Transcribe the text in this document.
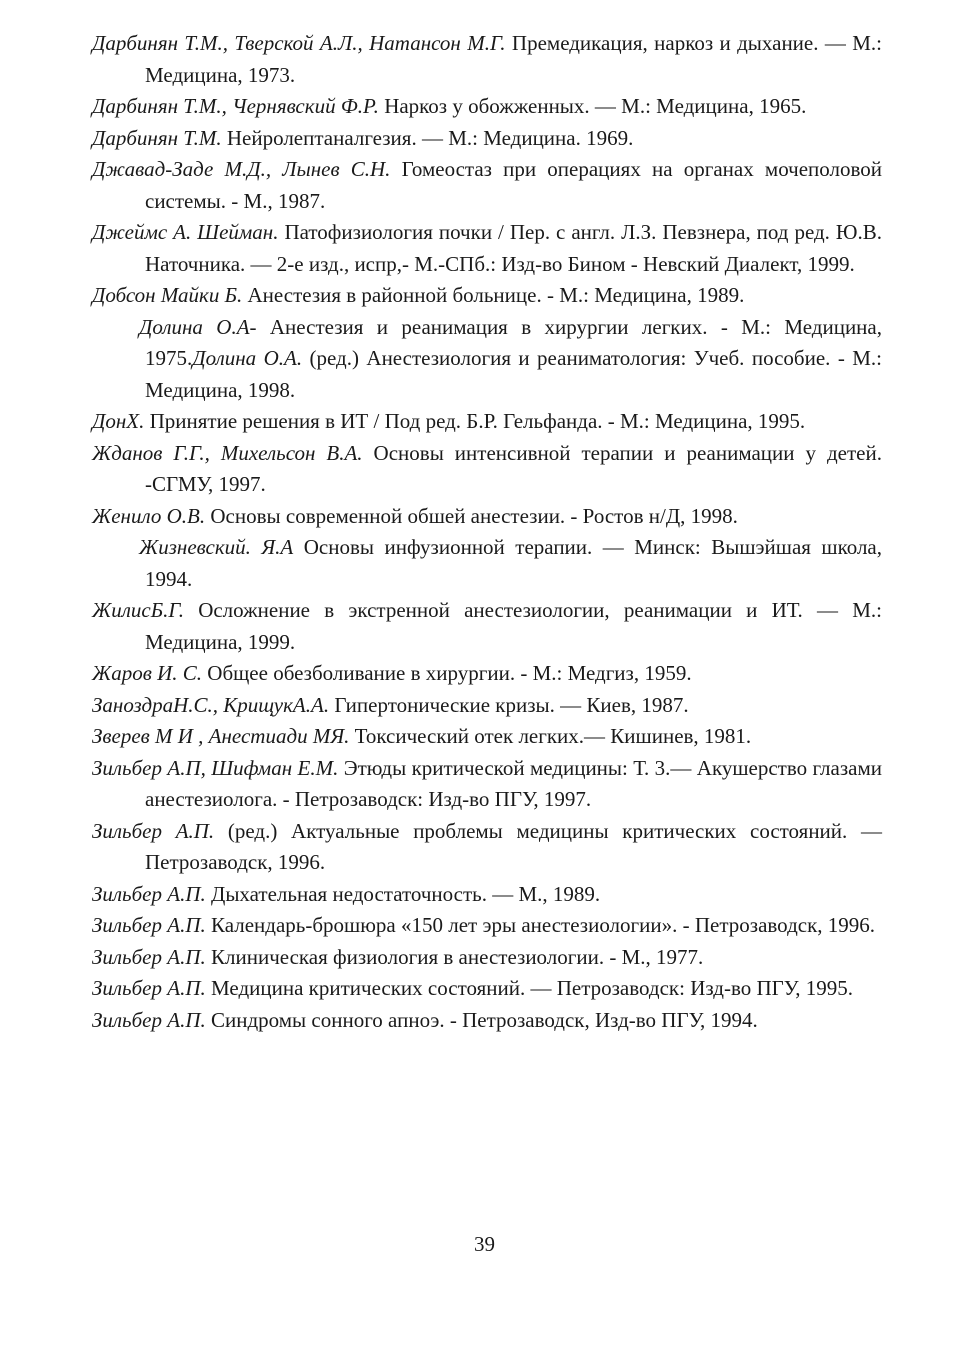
Дарбинян Т.М., Тверской А.Л., Натансон М.Г. Премедикация, наркоз и дыхание. — М.: Медицина, 1973.
Дарбинян Т.М., Чернявский Ф.Р. Наркоз у обожженных. — М.: Медицина, 1965.
Дарбинян Т.М. Нейролептаналгезия. — М.: Медицина. 1969.
Джавад-Заде М.Д., Лынев С.Н. Гомеостаз при операциях на органах мочеполовой системы. - М., 1987.
Джеймс А. Шейман. Патофизиология почки / Пер. с англ. Л.З. Певзнера, под ред. Ю.В. Наточника. — 2-е изд., испр,- М.-СПб.: Изд-во Бином - Невский Диалект, 1999.
Добсон Майки Б. Анестезия в районной больнице. - М.: Медицина, 1989.
Долина О.А- Анестезия и реанимация в хирургии легких. - М.: Медицина, 1975.Долина О.А. (ред.) Анестезиология и реаниматология: Учеб. пособие. - М.: Медицина, 1998.
ДонХ. Принятие решения в ИТ / Под ред. Б.Р. Гельфанда. - М.: Медицина, 1995.
Жданов Г.Г., Михельсон В.А. Основы интенсивной терапии и реанимации у детей. -СГМУ, 1997.
Женило О.В. Основы современной обшей анестезии. - Ростов н/Д, 1998.
Жизневский. Я.А Основы инфузионной терапии. — Минск: Вышэйшая школа, 1994.
ЖилисБ.Г. Осложнение в экстренной анестезиологии, реанимации и ИТ. — М.: Медицина, 1999.
Жаров И. С. Общее обезболивание в хирургии. - М.: Медгиз, 1959.
ЗаноздраН.С., КрищукА.А. Гипертонические кризы. — Киев, 1987.
Зверев М И , Анестиади МЯ. Токсический отек легких.— Кишинев, 1981.
Зильбер А.П, Шифман Е.М. Этюды критической медицины: Т. 3.— Акушерство глазами анестезиолога. - Петрозаводск: Изд-во ПГУ, 1997.
Зильбер А.П. (ред.) Актуальные проблемы медицины критических состояний. — Петрозаводск, 1996.
Зильбер А.П. Дыхательная недостаточность. — М., 1989.
Зильбер А.П. Календарь-брошюра «150 лет эры анестезиологии». - Петрозаводск, 1996.
Зильбер А.П. Клиническая физиология в анестезиологии. - М., 1977.
Зильбер А.П. Медицина критических состояний. — Петрозаводск: Изд-во ПГУ, 1995.
Зильбер А.П. Синдромы сонного апноэ. - Петрозаводск, Изд-во ПГУ, 1994.
39
